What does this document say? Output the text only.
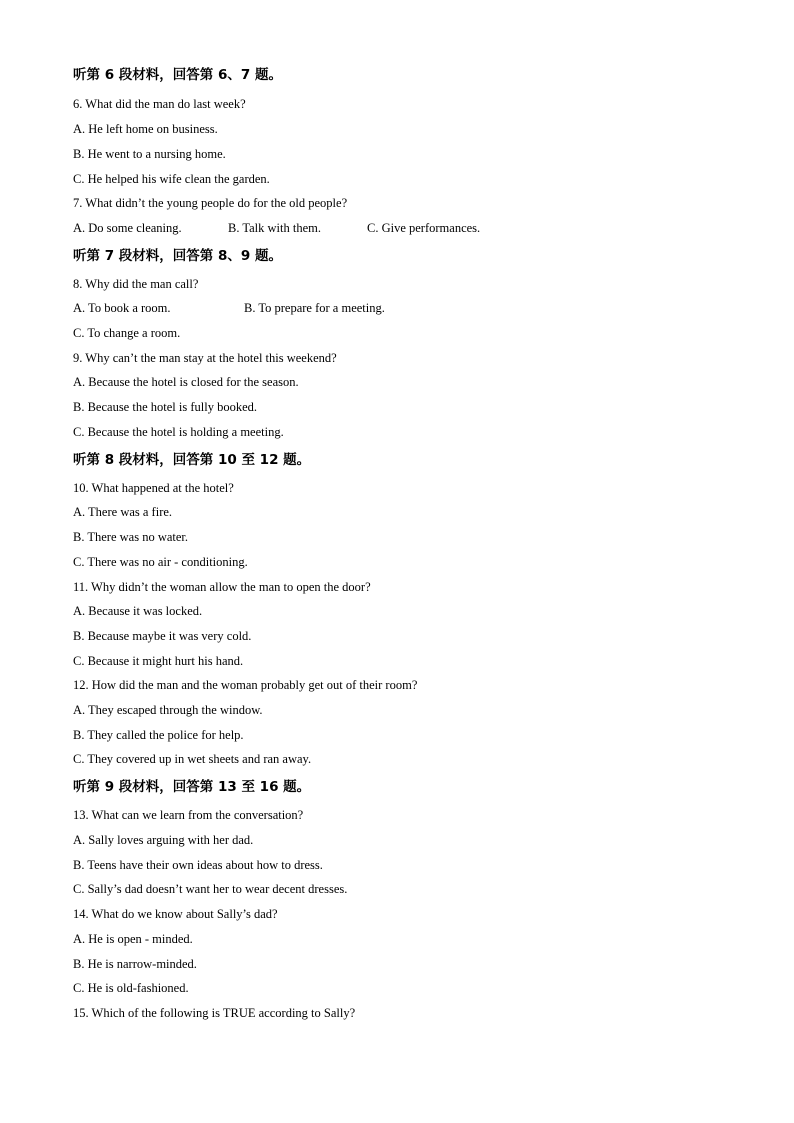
听第 6 段材料，回答第 6、7 题。
6. What did the man do last week?
A. He left home on business.
B. He went to a nursing home.
C. He helped his wife clean the garden.
7. What didn’t the young people do for the old people?
A. Do some cleaning.	B. Talk with them.	C. Give performances.
听第 7 段材料，回答第 8、9 题。
8. Why did the man call?
A. To book a room.	B. To prepare for a meeting.
C. To change a room.
9. Why can’t the man stay at the hotel this weekend?
A. Because the hotel is closed for the season.
B. Because the hotel is fully booked.
C. Because the hotel is holding a meeting.
听第 8 段材料，回答第 10 至 12 题。
10. What happened at the hotel?
A. There was a fire.
B. There was no water.
C. There was no air - conditioning.
11. Why didn’t the woman allow the man to open the door?
A. Because it was locked.
B. Because maybe it was very cold.
C. Because it might hurt his hand.
12. How did the man and the woman probably get out of their room?
A. They escaped through the window.
B. They called the police for help.
C. They covered up in wet sheets and ran away.
听第 9 段材料，回答第 13 至 16 题。
13. What can we learn from the conversation?
A. Sally loves arguing with her dad.
B. Teens have their own ideas about how to dress.
C. Sally’s dad doesn’t want her to wear decent dresses.
14. What do we know about Sally’s dad?
A. He is open - minded.
B. He is narrow-minded.
C. He is old-fashioned.
15. Which of the following is TRUE according to Sally?
